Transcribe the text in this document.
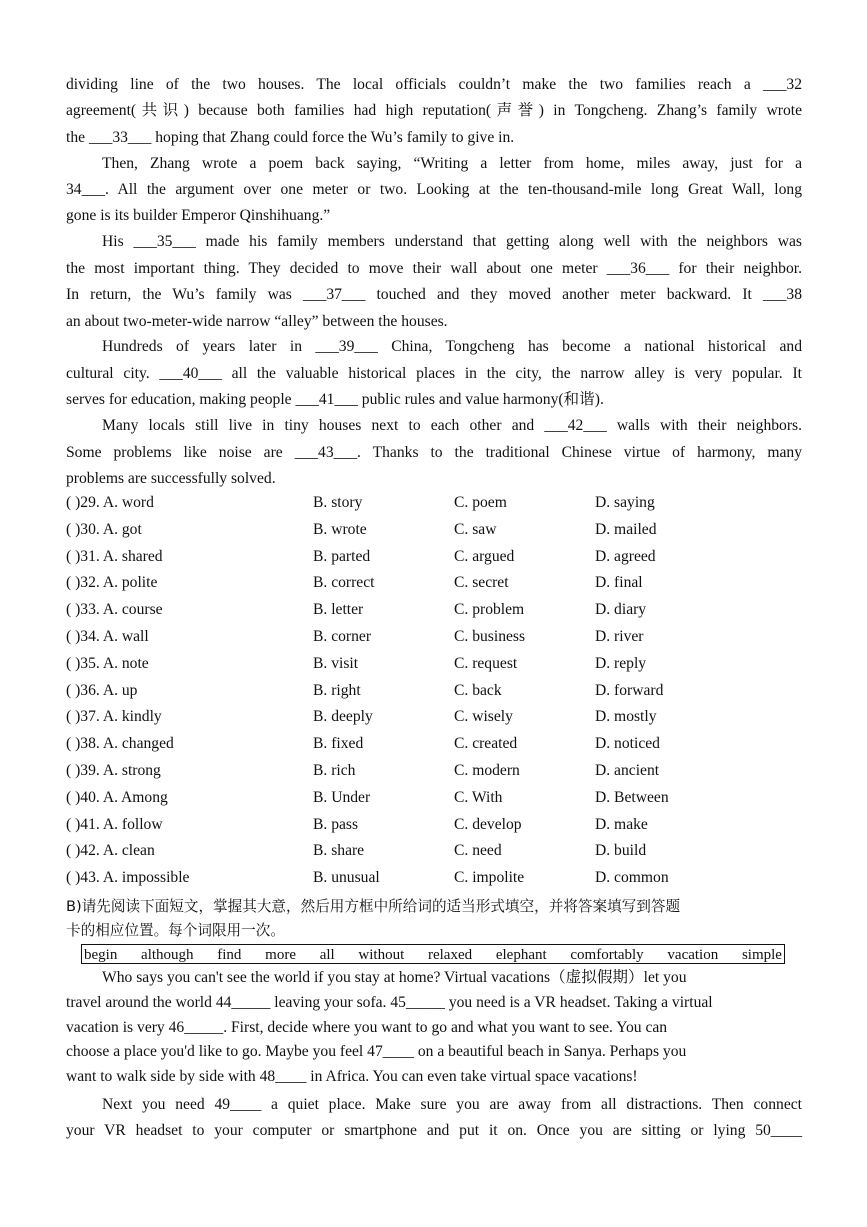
dividing line of the two houses. The local officials couldn’t make the two families reach a ___32
agreement(共识) because both families had high reputation(声誉) in Tongcheng. Zhang’s family wrote
the ___33___ hoping that Zhang could force the Wu’s family to give in.

Then, Zhang wrote a poem back saying, “Writing a letter from home, miles away, just for a

34___. All the argument over one meter or two. Looking at the ten-thousand-mile long Great Wall, long
gone is its builder Emperor Qinshihuang.”

His ___35___ made his family members understand that getting along well with the neighbors was

the most important thing. They decided to move their wall about one meter ___36___ for their neighbor.
In return, the Wu’s family was ___37___ touched and they moved another meter backward. It ___38
an about two-meter-wide narrow “alley” between the houses.

Hundreds of years later in ___39___ China, Tongcheng has become a national historical and

cultural city. ___40___ all the valuable historical places in the city, the narrow alley is very popular. It
serves for education, making people ___41___ public rules and value harmony(和谐).

Many locals still live in tiny houses next to each other and ___42___ walls with their neighbors.

Some problems like noise are ___43___. Thanks to the traditional Chinese virtue of harmony, many
problems are successfully solved.

( )29. A. word	B. story	C. poem	D. saying
( )30. A. got	B. wrote	C. saw	D. mailed
( )31. A. shared	B. parted	C. argued	D. agreed
( )32. A. polite	B. correct	C. secret	D. final
( )33. A. course	B. letter	C. problem	D. diary
( )34. A. wall	B. corner	C. business	D. river
( )35. A. note	B. visit	C. request	D. reply
( )36. A. up	B. right	C. back	D. forward
( )37. A. kindly	B. deeply	C. wisely	D. mostly
( )38. A. changed	B. fixed	C. created	D. noticed
( )39. A. strong	B. rich	C. modern	D. ancient
( )40. A. Among	B. Under	C. With	D. Between
( )41. A. follow	B. pass	C. develop	D. make
( )42. A. clean	B. share	C. need	D. build
( )43. A. impossible	B. unusual	C. impolite	D. common
B)请先阅读下面短文，掌握其大意，然后用方框中所给词的适当形式填空，并将答案填写到答题
卡的相应位置。每个词限用一次。
begin although find more all without relaxed elephant comfortably vacation simple

Who says you can't see the world if you stay at home? Virtual vacations（虚拟假期）let you

travel around the world 44_____ leaving your sofa. 45_____ you need is a VR headset. Taking a virtual
vacation is very 46_____. First, decide where you want to go and what you want to see. You can
choose a place you'd like to go. Maybe you feel 47____ on a beautiful beach in Sanya. Perhaps you
want to walk side by side with 48____ in Africa. You can even take virtual space vacations!

Next you need 49____ a quiet place. Make sure you are away from all distractions. Then connect

your VR headset to your computer or smartphone and put it on. Once you are sitting or lying 50____
